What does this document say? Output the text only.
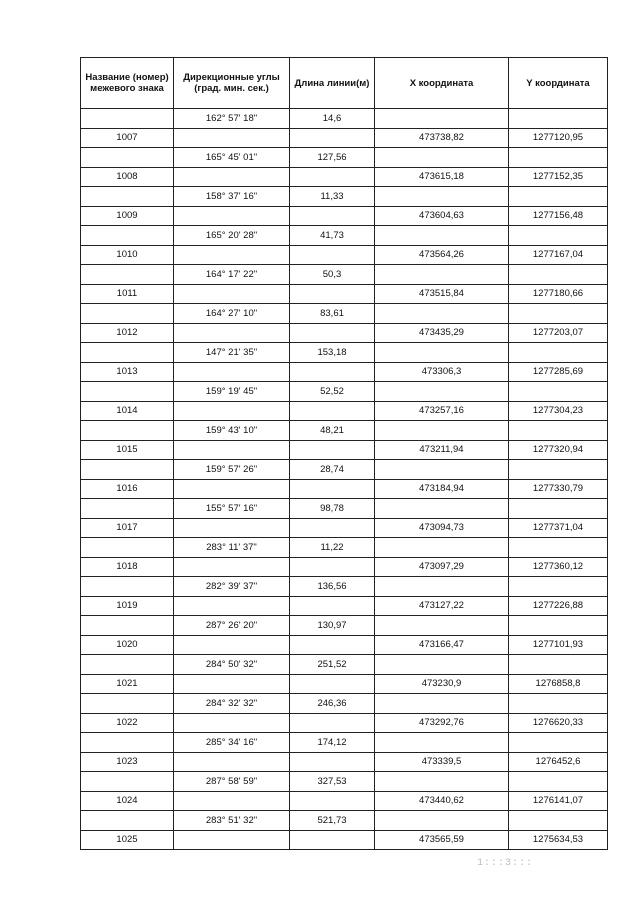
Название (номер) межевого знака	Дирекционные углы (град. мин. сек.)	Длина линии(м)	X координата	Y координата
	162° 57' 18"	14,6		
1007			473738,82	1277120,95
	165° 45' 01"	127,56		
1008			473615,18	1277152,35
	158° 37' 16"	11,33		
1009			473604,63	1277156,48
	165° 20' 28"	41,73		
1010			473564,26	1277167,04
	164° 17' 22"	50,3		
1011			473515,84	1277180,66
	164° 27' 10"	83,61		
1012			473435,29	1277203,07
	147° 21' 35"	153,18		
1013			473306,3	1277285,69
	159° 19' 45"	52,52		
1014			473257,16	1277304,23
	159° 43' 10"	48,21		
1015			473211,94	1277320,94
	159° 57' 26"	28,74		
1016			473184,94	1277330,79
	155° 57' 16"	98,78		
1017			473094,73	1277371,04
	283° 11' 37"	11,22		
1018			473097,29	1277360,12
	282° 39' 37"	136,56		
1019			473127,22	1277226,88
	287° 26' 20"	130,97		
1020			473166,47	1277101,93
	284° 50' 32"	251,52		
1021			473230,9	1276858,8
	284° 32' 32"	246,36		
1022			473292,76	1276620,33
	285° 34' 16"	174,12		
1023			473339,5	1276452,6
	287° 58' 59"	327,53		
1024			473440,62	1276141,07
	283° 51' 32"	521,73		
1025			473565,59	1275634,53
1:::3:::
